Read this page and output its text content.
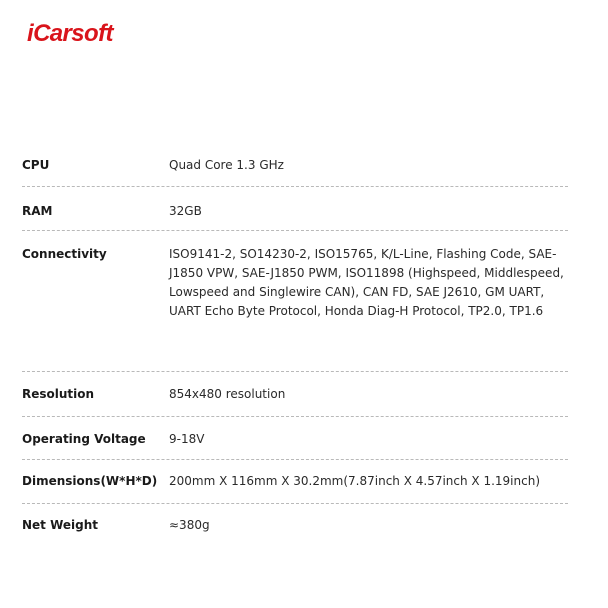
iCarsoft
CPU	Quad Core 1.3 GHz
RAM	32GB
Connectivity	ISO9141-2, SO14230-2, ISO15765, K/L-Line, Flashing Code, SAE-J1850 VPW, SAE-J1850 PWM, ISO11898 (Highspeed, Middlespeed, Lowspeed and Singlewire CAN), CAN FD, SAE J2610, GM UART, UART Echo Byte Protocol, Honda Diag-H Protocol, TP2.0, TP1.6
Resolution	854x480 resolution
Operating Voltage	9-18V
Dimensions(W*H*D) 200mm X 116mm X 30.2mm(7.87inch X 4.57inch X 1.19inch)
Net Weight	≈380g
